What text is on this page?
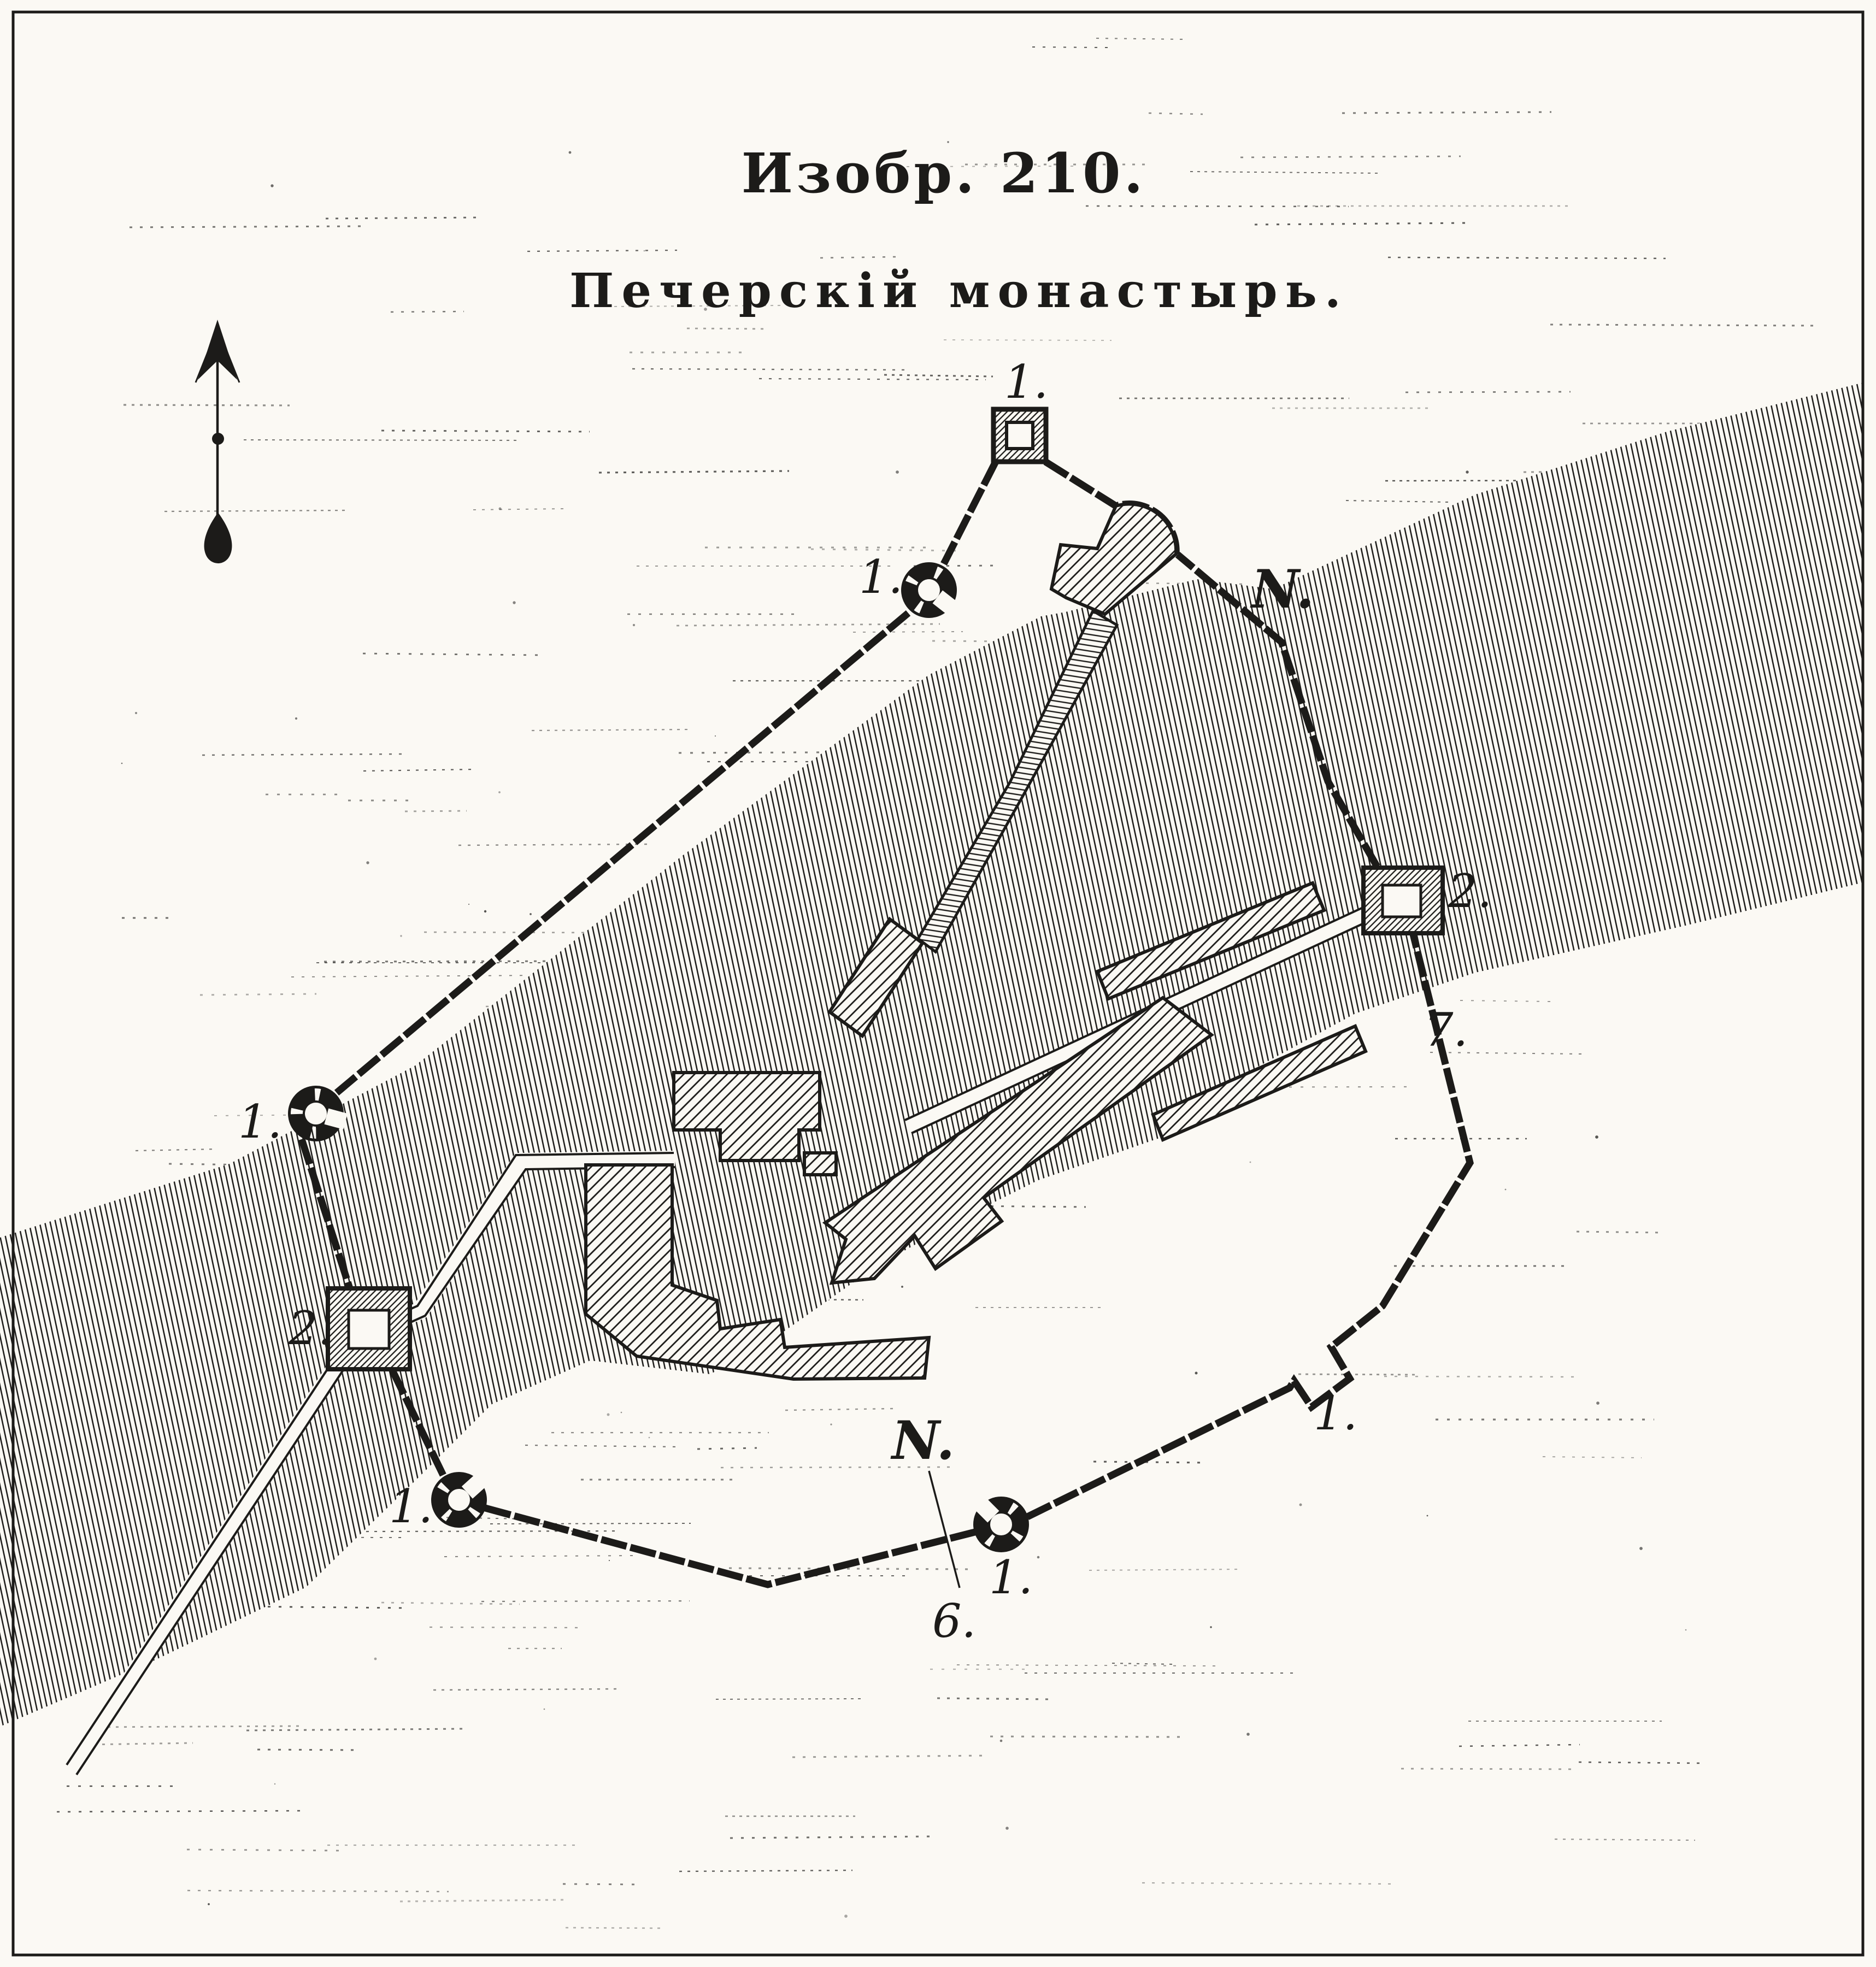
Изобр. 210.
Печерскій монастырь.
1.
1.
1.
1.
1.
1.
2.
2.
7.
N.
N.
6.
